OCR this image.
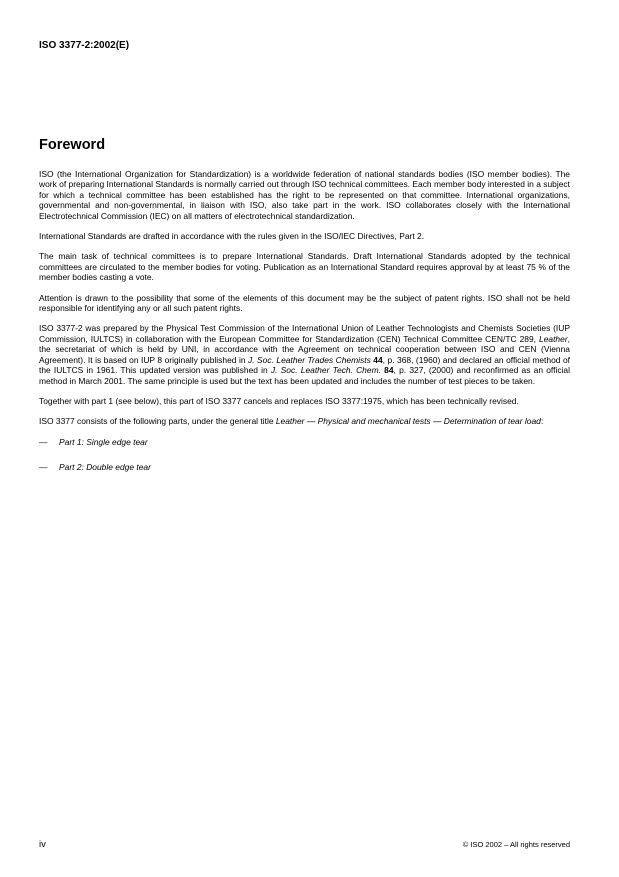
ISO 3377-2:2002(E)
Foreword

ISO (the International Organization for Standardization) is a worldwide federation of national standards bodies (ISO member bodies). The work of preparing International Standards is normally carried out through ISO technical committees. Each member body interested in a subject for which a technical committee has been established has the right to be represented on that committee. International organizations, governmental and non-governmental, in liaison with ISO, also take part in the work. ISO collaborates closely with the International Electrotechnical Commission (IEC) on all matters of electrotechnical standardization.

International Standards are drafted in accordance with the rules given in the ISO/IEC Directives, Part 2.

The main task of technical committees is to prepare International Standards. Draft International Standards adopted by the technical committees are circulated to the member bodies for voting. Publication as an International Standard requires approval by at least 75 % of the member bodies casting a vote.

Attention is drawn to the possibility that some of the elements of this document may be the subject of patent rights. ISO shall not be held responsible for identifying any or all such patent rights.

ISO 3377-2 was prepared by the Physical Test Commission of the International Union of Leather Technologists and Chemists Societies (IUP Commission, IULTCS) in collaboration with the European Committee for Standardization (CEN) Technical Committee CEN/TC 289, Leather, the secretariat of which is held by UNI, in accordance with the Agreement on technical cooperation between ISO and CEN (Vienna Agreement). It is based on IUP 8 originally published in J. Soc. Leather Trades Chemists 44, p. 368, (1960) and declared an official method of the IULTCS in 1961. This updated version was published in J. Soc. Leather Tech. Chem. 84, p. 327, (2000) and reconfirmed as an official method in March 2001. The same principle is used but the text has been updated and includes the number of test pieces to be taken.

Together with part 1 (see below), this part of ISO 3377 cancels and replaces ISO 3377:1975, which has been technically revised.

ISO 3377 consists of the following parts, under the general title Leather — Physical and mechanical tests — Determination of tear load:

— Part 1: Single edge tear

— Part 2: Double edge tear

iv	© ISO 2002 – All rights reserved
